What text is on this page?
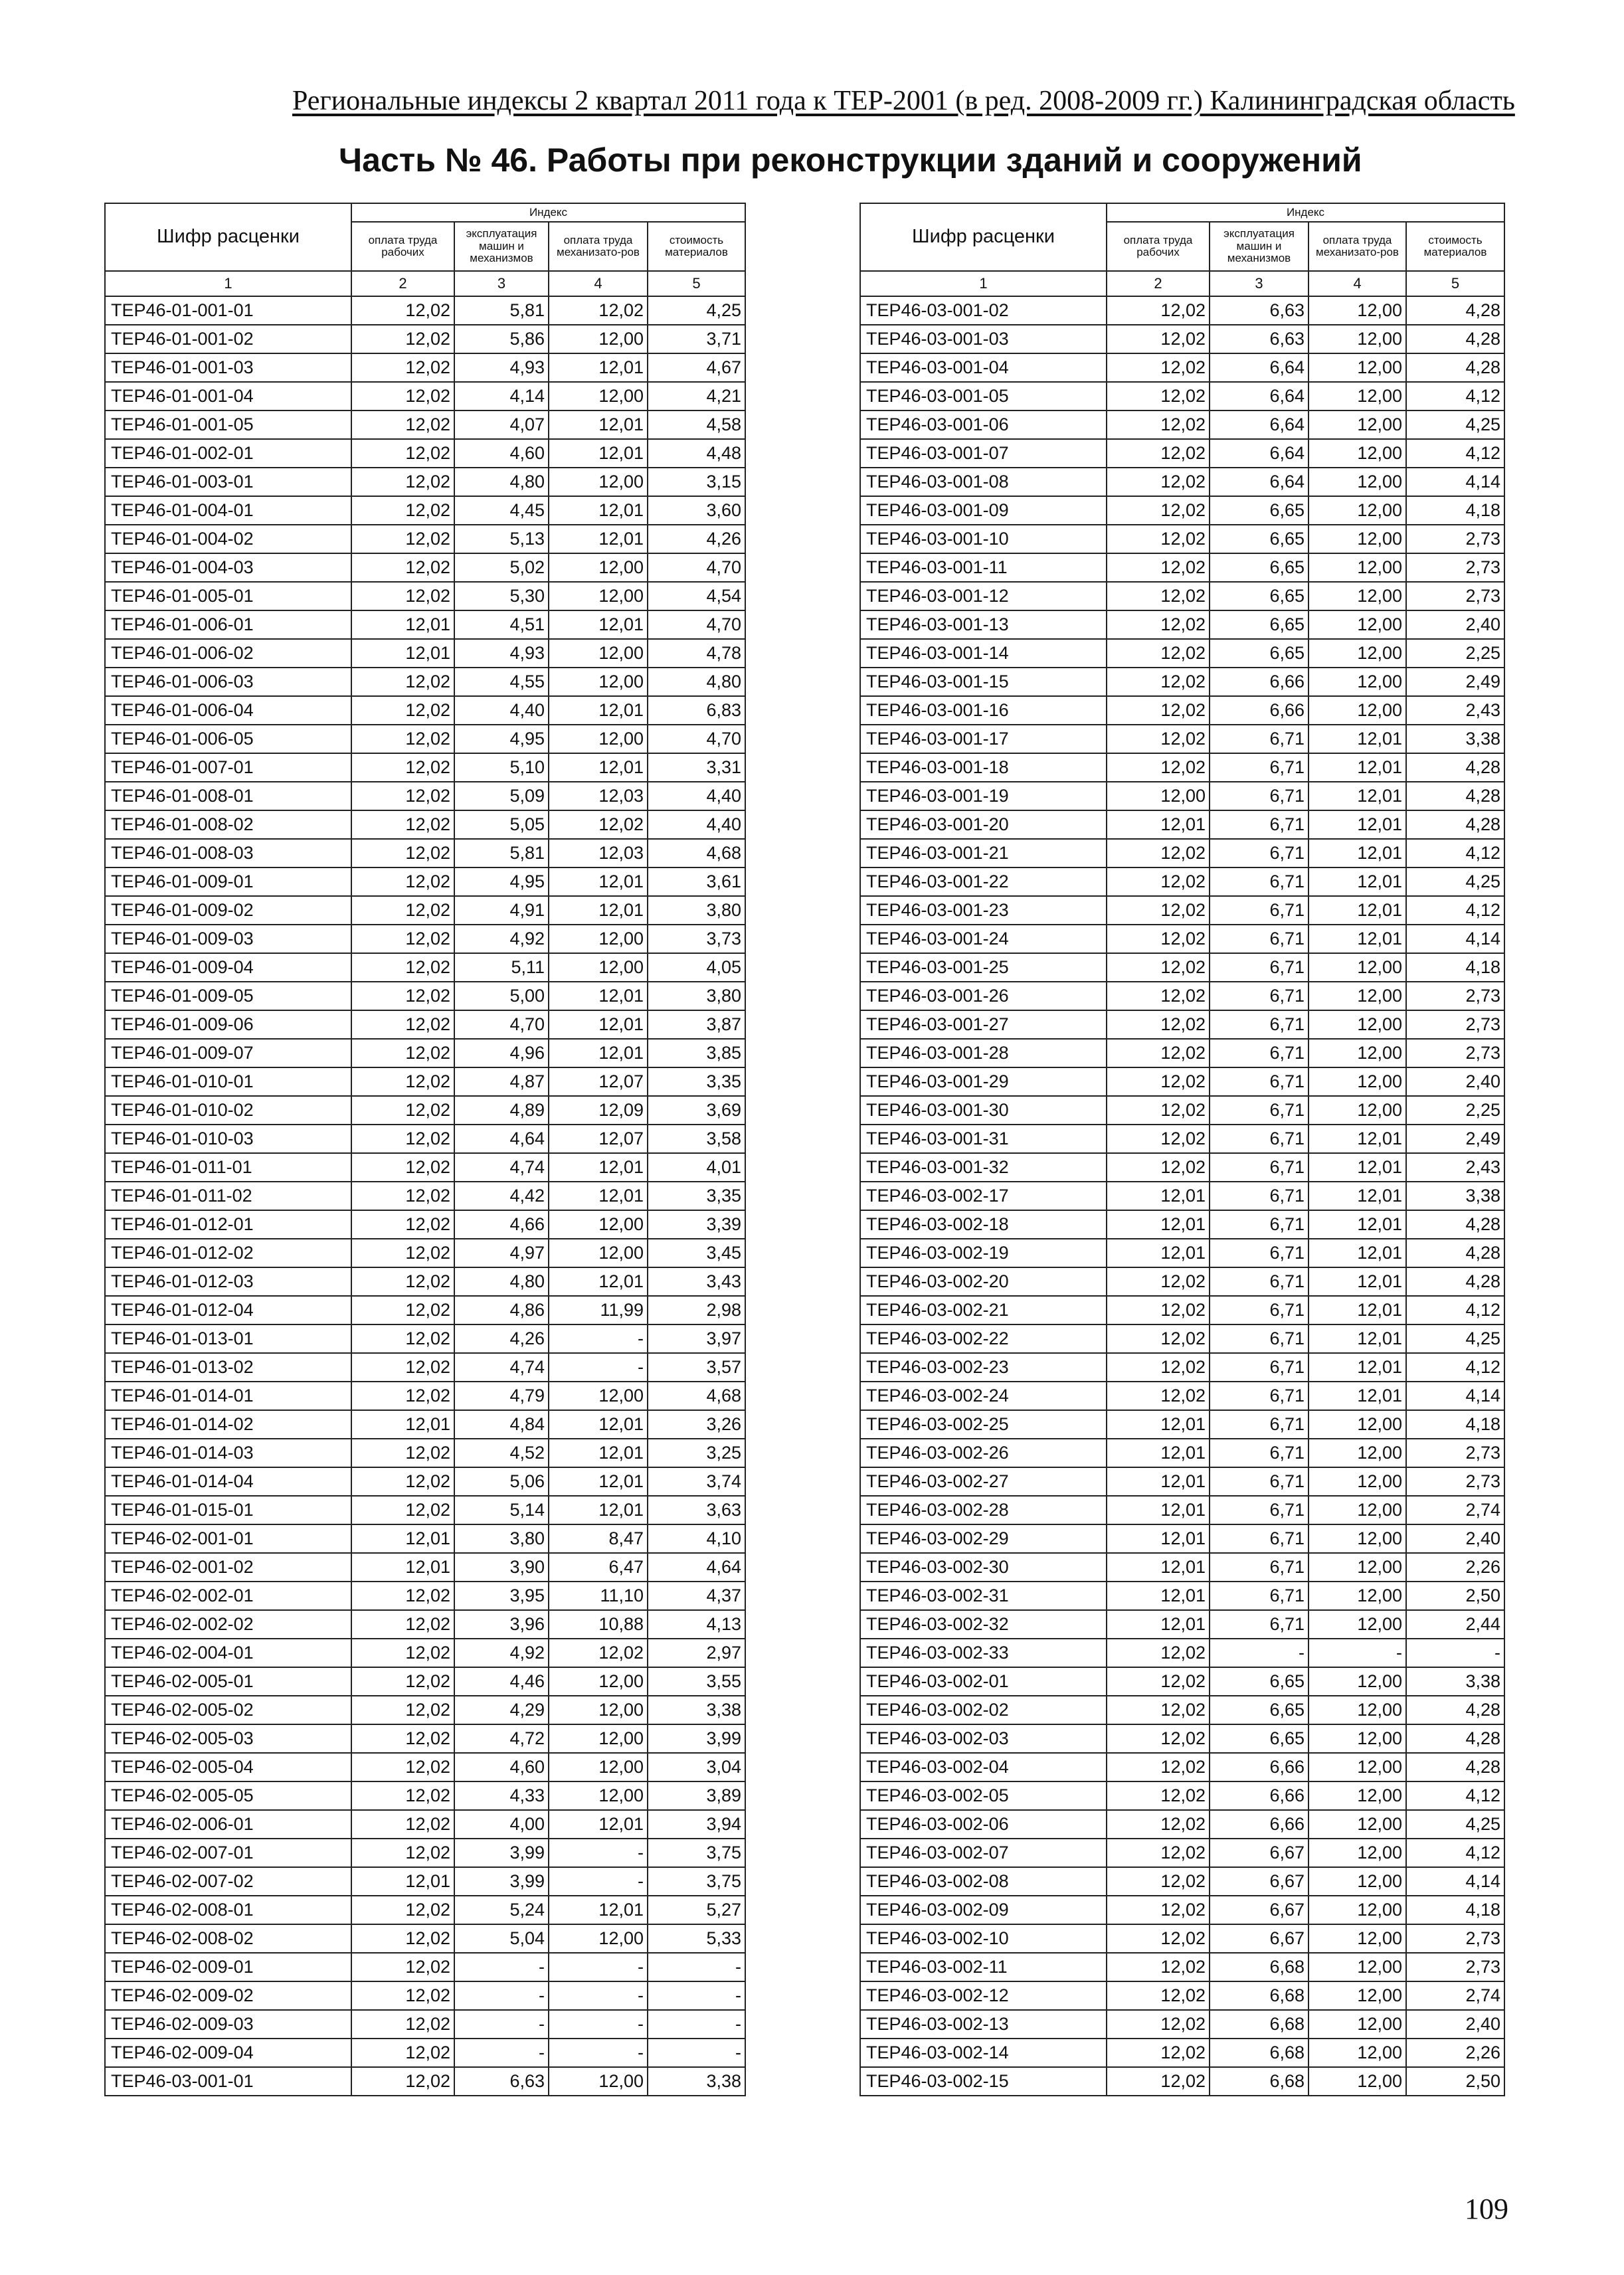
Региональные индексы 2 квартал 2011 года к ТЕР-2001 (в ред. 2008-2009 гг.) Калининградская область
Часть № 46. Работы при реконструкции зданий и сооружений
Шифр расценки	Индекс			
	оплата труда рабочих	эксплуатация машин и механизмов	оплата труда механизато-ров	стоимость материалов
1	2	3	4	5
ТЕР46-01-001-01	12,02	5,81	12,02	4,25
ТЕР46-01-001-02	12,02	5,86	12,00	3,71
ТЕР46-01-001-03	12,02	4,93	12,01	4,67
ТЕР46-01-001-04	12,02	4,14	12,00	4,21
ТЕР46-01-001-05	12,02	4,07	12,01	4,58
ТЕР46-01-002-01	12,02	4,60	12,01	4,48
ТЕР46-01-003-01	12,02	4,80	12,00	3,15
ТЕР46-01-004-01	12,02	4,45	12,01	3,60
ТЕР46-01-004-02	12,02	5,13	12,01	4,26
ТЕР46-01-004-03	12,02	5,02	12,00	4,70
ТЕР46-01-005-01	12,02	5,30	12,00	4,54
ТЕР46-01-006-01	12,01	4,51	12,01	4,70
ТЕР46-01-006-02	12,01	4,93	12,00	4,78
ТЕР46-01-006-03	12,02	4,55	12,00	4,80
ТЕР46-01-006-04	12,02	4,40	12,01	6,83
ТЕР46-01-006-05	12,02	4,95	12,00	4,70
ТЕР46-01-007-01	12,02	5,10	12,01	3,31
ТЕР46-01-008-01	12,02	5,09	12,03	4,40
ТЕР46-01-008-02	12,02	5,05	12,02	4,40
ТЕР46-01-008-03	12,02	5,81	12,03	4,68
ТЕР46-01-009-01	12,02	4,95	12,01	3,61
ТЕР46-01-009-02	12,02	4,91	12,01	3,80
ТЕР46-01-009-03	12,02	4,92	12,00	3,73
ТЕР46-01-009-04	12,02	5,11	12,00	4,05
ТЕР46-01-009-05	12,02	5,00	12,01	3,80
ТЕР46-01-009-06	12,02	4,70	12,01	3,87
ТЕР46-01-009-07	12,02	4,96	12,01	3,85
ТЕР46-01-010-01	12,02	4,87	12,07	3,35
ТЕР46-01-010-02	12,02	4,89	12,09	3,69
ТЕР46-01-010-03	12,02	4,64	12,07	3,58
ТЕР46-01-011-01	12,02	4,74	12,01	4,01
ТЕР46-01-011-02	12,02	4,42	12,01	3,35
ТЕР46-01-012-01	12,02	4,66	12,00	3,39
ТЕР46-01-012-02	12,02	4,97	12,00	3,45
ТЕР46-01-012-03	12,02	4,80	12,01	3,43
ТЕР46-01-012-04	12,02	4,86	11,99	2,98
ТЕР46-01-013-01	12,02	4,26	-	3,97
ТЕР46-01-013-02	12,02	4,74	-	3,57
ТЕР46-01-014-01	12,02	4,79	12,00	4,68
ТЕР46-01-014-02	12,01	4,84	12,01	3,26
ТЕР46-01-014-03	12,02	4,52	12,01	3,25
ТЕР46-01-014-04	12,02	5,06	12,01	3,74
ТЕР46-01-015-01	12,02	5,14	12,01	3,63
ТЕР46-02-001-01	12,01	3,80	8,47	4,10
ТЕР46-02-001-02	12,01	3,90	6,47	4,64
ТЕР46-02-002-01	12,02	3,95	11,10	4,37
ТЕР46-02-002-02	12,02	3,96	10,88	4,13
ТЕР46-02-004-01	12,02	4,92	12,02	2,97
ТЕР46-02-005-01	12,02	4,46	12,00	3,55
ТЕР46-02-005-02	12,02	4,29	12,00	3,38
ТЕР46-02-005-03	12,02	4,72	12,00	3,99
ТЕР46-02-005-04	12,02	4,60	12,00	3,04
ТЕР46-02-005-05	12,02	4,33	12,00	3,89
ТЕР46-02-006-01	12,02	4,00	12,01	3,94
ТЕР46-02-007-01	12,02	3,99	-	3,75
ТЕР46-02-007-02	12,01	3,99	-	3,75
ТЕР46-02-008-01	12,02	5,24	12,01	5,27
ТЕР46-02-008-02	12,02	5,04	12,00	5,33
ТЕР46-02-009-01	12,02	-	-	-
ТЕР46-02-009-02	12,02	-	-	-
ТЕР46-02-009-03	12,02	-	-	-
ТЕР46-02-009-04	12,02	-	-	-
ТЕР46-03-001-01	12,02	6,63	12,00	3,38
Шифр расценки	Индекс			
	оплата труда рабочих	эксплуатация машин и механизмов	оплата труда механизато-ров	стоимость материалов
1	2	3	4	5
ТЕР46-03-001-02	12,02	6,63	12,00	4,28
ТЕР46-03-001-03	12,02	6,63	12,00	4,28
ТЕР46-03-001-04	12,02	6,64	12,00	4,28
ТЕР46-03-001-05	12,02	6,64	12,00	4,12
ТЕР46-03-001-06	12,02	6,64	12,00	4,25
ТЕР46-03-001-07	12,02	6,64	12,00	4,12
ТЕР46-03-001-08	12,02	6,64	12,00	4,14
ТЕР46-03-001-09	12,02	6,65	12,00	4,18
ТЕР46-03-001-10	12,02	6,65	12,00	2,73
ТЕР46-03-001-11	12,02	6,65	12,00	2,73
ТЕР46-03-001-12	12,02	6,65	12,00	2,73
ТЕР46-03-001-13	12,02	6,65	12,00	2,40
ТЕР46-03-001-14	12,02	6,65	12,00	2,25
ТЕР46-03-001-15	12,02	6,66	12,00	2,49
ТЕР46-03-001-16	12,02	6,66	12,00	2,43
ТЕР46-03-001-17	12,02	6,71	12,01	3,38
ТЕР46-03-001-18	12,02	6,71	12,01	4,28
ТЕР46-03-001-19	12,00	6,71	12,01	4,28
ТЕР46-03-001-20	12,01	6,71	12,01	4,28
ТЕР46-03-001-21	12,02	6,71	12,01	4,12
ТЕР46-03-001-22	12,02	6,71	12,01	4,25
ТЕР46-03-001-23	12,02	6,71	12,01	4,12
ТЕР46-03-001-24	12,02	6,71	12,01	4,14
ТЕР46-03-001-25	12,02	6,71	12,00	4,18
ТЕР46-03-001-26	12,02	6,71	12,00	2,73
ТЕР46-03-001-27	12,02	6,71	12,00	2,73
ТЕР46-03-001-28	12,02	6,71	12,00	2,73
ТЕР46-03-001-29	12,02	6,71	12,00	2,40
ТЕР46-03-001-30	12,02	6,71	12,00	2,25
ТЕР46-03-001-31	12,02	6,71	12,01	2,49
ТЕР46-03-001-32	12,02	6,71	12,01	2,43
ТЕР46-03-002-17	12,01	6,71	12,01	3,38
ТЕР46-03-002-18	12,01	6,71	12,01	4,28
ТЕР46-03-002-19	12,01	6,71	12,01	4,28
ТЕР46-03-002-20	12,02	6,71	12,01	4,28
ТЕР46-03-002-21	12,02	6,71	12,01	4,12
ТЕР46-03-002-22	12,02	6,71	12,01	4,25
ТЕР46-03-002-23	12,02	6,71	12,01	4,12
ТЕР46-03-002-24	12,02	6,71	12,01	4,14
ТЕР46-03-002-25	12,01	6,71	12,00	4,18
ТЕР46-03-002-26	12,01	6,71	12,00	2,73
ТЕР46-03-002-27	12,01	6,71	12,00	2,73
ТЕР46-03-002-28	12,01	6,71	12,00	2,74
ТЕР46-03-002-29	12,01	6,71	12,00	2,40
ТЕР46-03-002-30	12,01	6,71	12,00	2,26
ТЕР46-03-002-31	12,01	6,71	12,00	2,50
ТЕР46-03-002-32	12,01	6,71	12,00	2,44
ТЕР46-03-002-33	12,02	-	-	-
ТЕР46-03-002-01	12,02	6,65	12,00	3,38
ТЕР46-03-002-02	12,02	6,65	12,00	4,28
ТЕР46-03-002-03	12,02	6,65	12,00	4,28
ТЕР46-03-002-04	12,02	6,66	12,00	4,28
ТЕР46-03-002-05	12,02	6,66	12,00	4,12
ТЕР46-03-002-06	12,02	6,66	12,00	4,25
ТЕР46-03-002-07	12,02	6,67	12,00	4,12
ТЕР46-03-002-08	12,02	6,67	12,00	4,14
ТЕР46-03-002-09	12,02	6,67	12,00	4,18
ТЕР46-03-002-10	12,02	6,67	12,00	2,73
ТЕР46-03-002-11	12,02	6,68	12,00	2,73
ТЕР46-03-002-12	12,02	6,68	12,00	2,74
ТЕР46-03-002-13	12,02	6,68	12,00	2,40
ТЕР46-03-002-14	12,02	6,68	12,00	2,26
ТЕР46-03-002-15	12,02	6,68	12,00	2,50
109
